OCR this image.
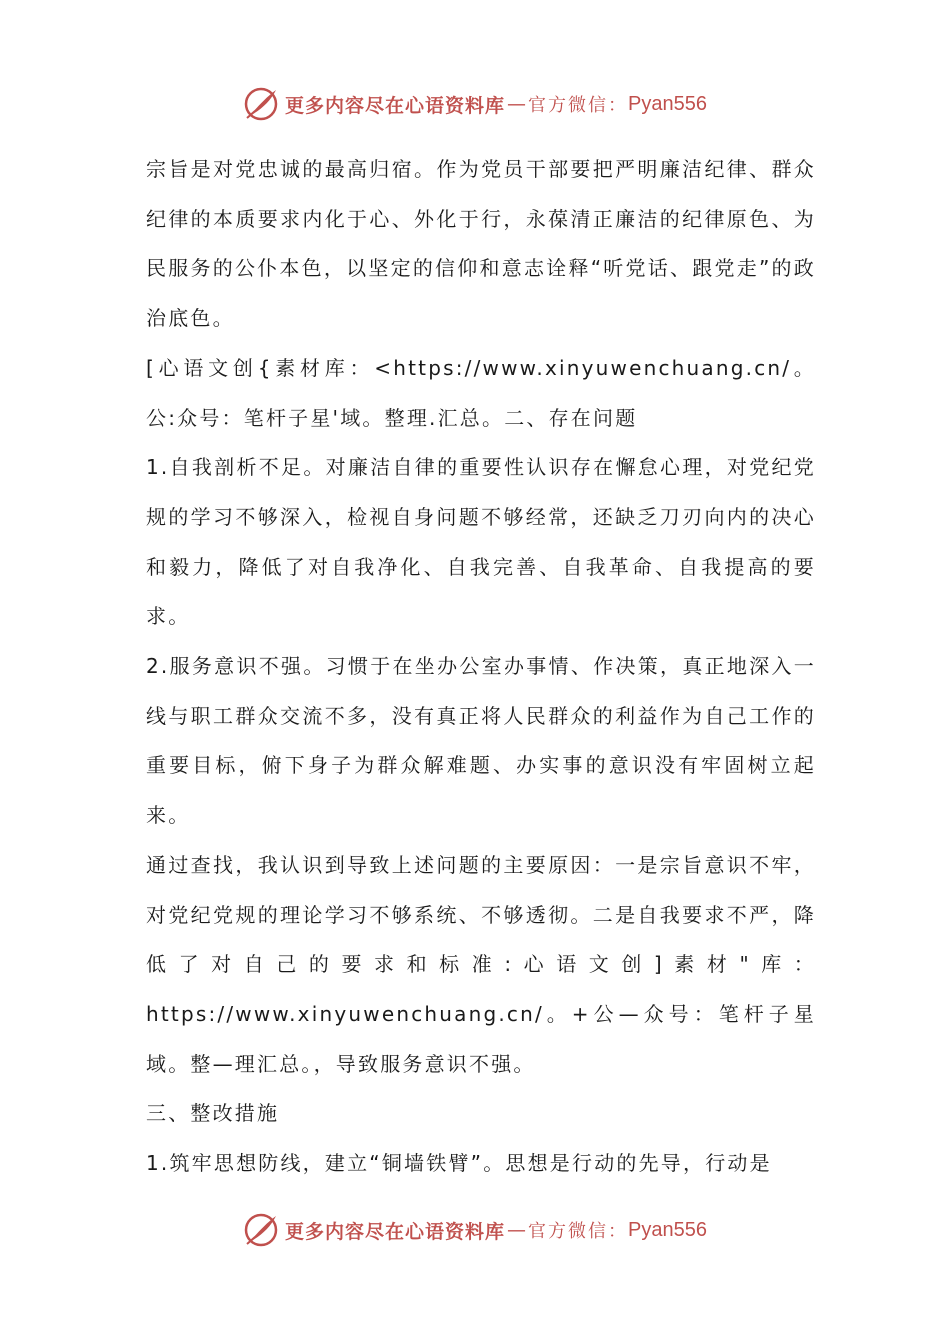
更多内容尽在心语资料库 — 官方微信： Pyan556

宗旨是对党忠诚的最高归宿。作为党员干部要把严明廉洁纪律、群众纪律的本质要求内化于心、外化于行，永葆清正廉洁的纪律原色、为民服务的公仆本色，以坚定的信仰和意志诠释“听党话、跟党走”的政治底色。

[心语文创{素材库：<https://www.xinyuwenchuang.cn/。公:众号：笔杆子星'域。整理.汇总。二、存在问题

1.自我剖析不足。对廉洁自律的重要性认识存在懈怠心理，对党纪党规的学习不够深入，检视自身问题不够经常，还缺乏刀刃向内的决心和毅力，降低了对自我净化、自我完善、自我革命、自我提高的要求。

2.服务意识不强。习惯于在坐办公室办事情、作决策，真正地深入一线与职工群众交流不多，没有真正将人民群众的利益作为自己工作的重要目标，俯下身子为群众解难题、办实事的意识没有牢固树立起来。

通过查找，我认识到导致上述问题的主要原因：一是宗旨意识不牢，对党纪党规的理论学习不够系统、不够透彻。二是自我要求不严，降低了对自己的要求和标准:心语文创]素材"库：https://www.xinyuwenchuang.cn/。+公—众号：笔杆子星域。整—理汇总。，导致服务意识不强。

三、整改措施

1.筑牢思想防线，建立“铜墙铁臂”。思想是行动的先导，行动是

更多内容尽在心语资料库 — 官方微信： Pyan556
